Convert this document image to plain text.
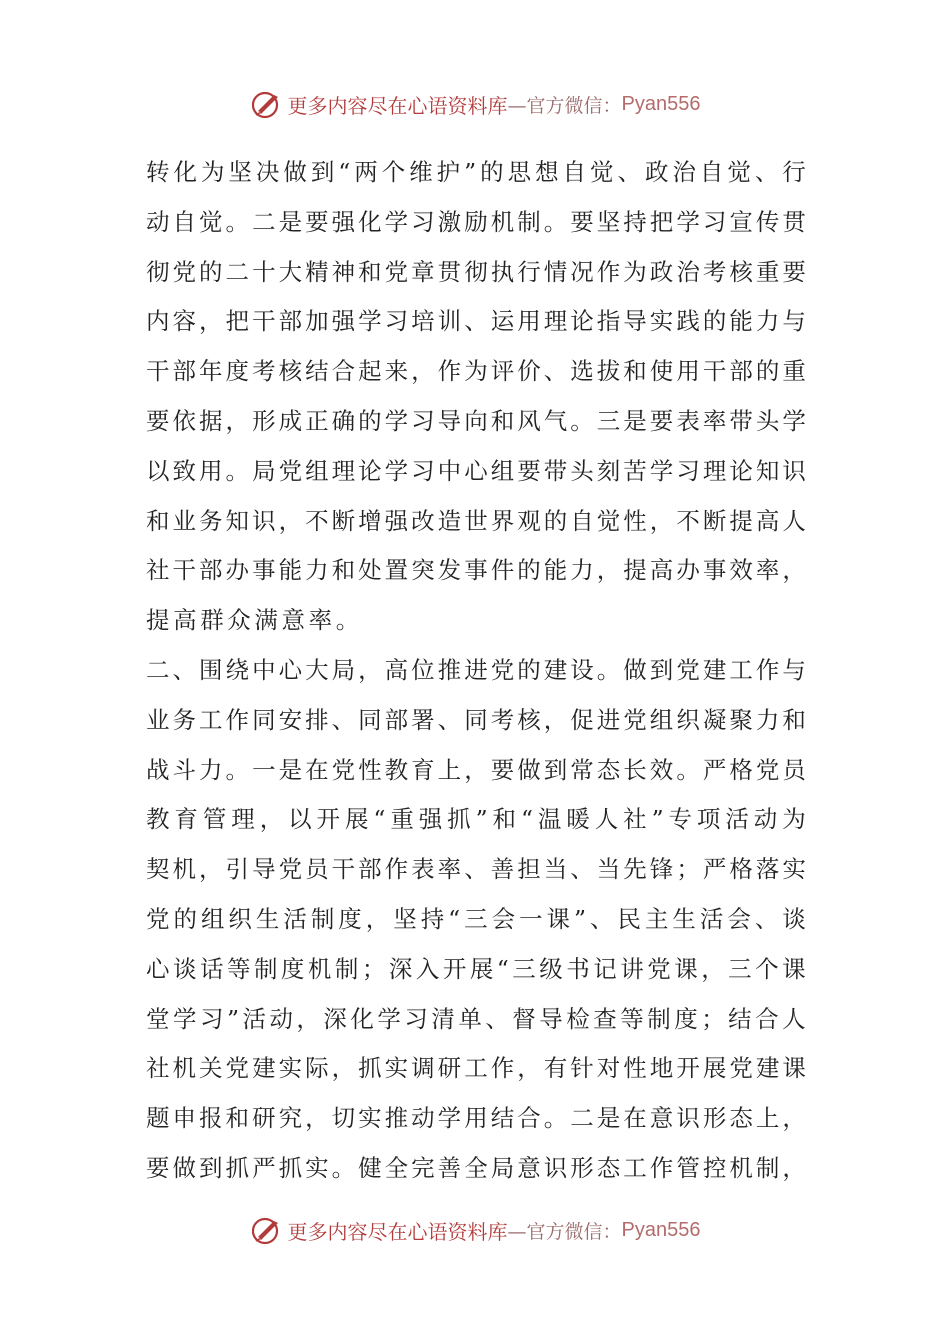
更多内容尽在心语资料库 —官方微信： Pyan556
转 化 为 坚 决 做 到 “ 两 个 维 护 ” 的 思 想 自 觉 、 政 治 自 觉 、 行
动 自 觉 。 二 是 要 强 化 学 习 激 励 机 制 。 要 坚 持 把 学 习 宣 传 贯
彻 党 的 二 十 大 精 神 和 党 章 贯 彻 执 行 情 况 作 为 政 治 考 核 重 要
内 容 ， 把 干 部 加 强 学 习 培 训 、 运 用 理 论 指 导 实 践 的 能 力 与
干 部 年 度 考 核 结 合 起 来 ， 作 为 评 价 、 选 拔 和 使 用 干 部 的 重
要 依 据 ， 形 成 正 确 的 学 习 导 向 和 风 气 。 三 是 要 表 率 带 头 学
以 致 用 。 局 党 组 理 论 学 习 中 心 组 要 带 头 刻 苦 学 习 理 论 知 识
和 业 务 知 识 ， 不 断 增 强 改 造 世 界 观 的 自 觉 性 ， 不 断 提 高 人
社 干 部 办 事 能 力 和 处 置 突 发 事 件 的 能 力 ， 提 高 办 事 效 率 ，
提高群众满意率。
二 、 围 绕 中 心 大 局 ， 高 位 推 进 党 的 建 设 。 做 到 党 建 工 作 与
业 务 工 作 同 安 排 、 同 部 署 、 同 考 核 ， 促 进 党 组 织 凝 聚 力 和
战 斗 力 。 一 是 在 党 性 教 育 上 ， 要 做 到 常 态 长 效 。 严 格 党 员
教 育 管 理 ， 以 开 展 “ 重 强 抓 ” 和 “ 温 暖 人 社 ” 专 项 活 动 为
契 机 ， 引 导 党 员 干 部 作 表 率 、 善 担 当 、 当 先 锋 ； 严 格 落 实
党 的 组 织 生 活 制 度 ， 坚 持 “ 三 会 一 课 ” 、 民 主 生 活 会 、 谈
心 谈 话 等 制 度 机 制 ； 深 入 开 展 “ 三 级 书 记 讲 党 课 ， 三 个 课
堂 学 习 ” 活 动 ， 深 化 学 习 清 单 、 督 导 检 查 等 制 度 ； 结 合 人
社 机 关 党 建 实 际 ， 抓 实 调 研 工 作 ， 有 针 对 性 地 开 展 党 建 课
题 申 报 和 研 究 ， 切 实 推 动 学 用 结 合 。 二 是 在 意 识 形 态 上 ，
要 做 到 抓 严 抓 实 。 健 全 完 善 全 局 意 识 形 态 工 作 管 控 机 制 ，
更多内容尽在心语资料库 —官方微信： Pyan556
